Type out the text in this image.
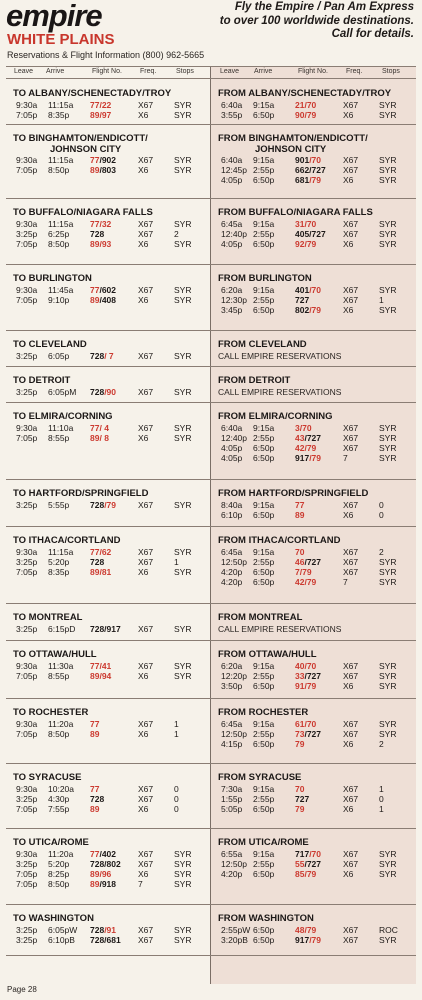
empire
WHITE PLAINS
Reservations & Flight Information (800) 962-5665
Fly the Empire / Pan Am Express
to over 100 worldwide destinations.
Call for details.
Leave Arrive	Flight No.	Freq.	Stops	Leave Arrive	Flight No.	Freq.	Stops
TO ALBANY/SCHENECTADY/TROY
9:30a 11:15a 77/22	X67 SYR
7:05p 8:35p 89/97	X6	SYR
FROM ALBANY/SCHENECTADY/TROY
6:40a 9:15a 21/70	X67 SYR
3:55p 6:50p 90/79	X6	SYR
TO BINGHAMTON/ENDICOTT/
JOHNSON CITY
9:30a 11:15a 77/902	X67 SYR
7:05p 8:50p 89/803	X6	SYR
FROM BINGHAMTON/ENDICOTT/
JOHNSON CITY
6:40a 9:15a 901/70	X67 SYR
12:45p 2:55p 662/727 X67 SYR
4:05p 6:50p 681/79	X6	SYR
TO BUFFALO/NIAGARA FALLS
9:30a 11:15a 77/32	X67 SYR
3:25p 6:25p 728	X67 2
7:05p 8:50p 89/93	X6	SYR
FROM BUFFALO/NIAGARA FALLS
6:45a 9:15a 31/70	X67 SYR
12:40p 2:55p 405/727 X67 SYR
4:05p 6:50p 92/79	X6	SYR
TO BURLINGTON
9:30a 11:45a 77/602	X67 SYR
7:05p 9:10p 89/408	X6	SYR
FROM BURLINGTON
6:20a 9:15a 401/70	X67 SYR
12:30p 2:55p 727	X67 1
3:45p 6:50p 802/79	X6	SYR
TO CLEVELAND
3:25p 6:05p 728/ 7	X67 SYR
FROM CLEVELAND
CALL EMPIRE RESERVATIONS
TO DETROIT
3:25p 6:05pM 728/90	X67 SYR
FROM DETROIT
CALL EMPIRE RESERVATIONS
TO ELMIRA/CORNING
9:30a 11:10a 77/ 4	X67 SYR
7:05p 8:55p 89/ 8	X6	SYR
FROM ELMIRA/CORNING
6:40a 9:15a 3/70	X67 SYR
12:40p 2:55p 43/727	X67 SYR
4:05p 6:50p 42/79	X67 SYR
4:05p 6:50p 917/79	7	SYR
TO HARTFORD/SPRINGFIELD
3:25p 5:55p 728/79	X67 SYR
FROM HARTFORD/SPRINGFIELD
8:40a 9:15a 77	X67 0
6:10p 6:50p 89	X6	0
TO ITHACA/CORTLAND
9:30a 11:15a 77/62	X67 SYR
3:25p 5:20p 728	X67 1
7:05p 8:35p 89/81	X6	SYR
FROM ITHACA/CORTLAND
6:45a 9:15a 70	X67 2
12:50p 2:55p 46/727	X67 SYR
4:20p 6:50p 7/79	X67 SYR
4:20p 6:50p 42/79	7	SYR
TO MONTREAL
3:25p 6:15pD 728/917 X67 SYR
FROM MONTREAL
CALL EMPIRE RESERVATIONS
TO OTTAWA/HULL
9:30a 11:30a 77/41	X67 SYR
7:05p 8:55p 89/94	X6	SYR
FROM OTTAWA/HULL
6:20a 9:15a 40/70	X67 SYR
12:20p 2:55p 33/727	X67 SYR
3:50p 6:50p 91/79	X6	SYR
TO ROCHESTER
9:30a 11:20a 77	X67 1
7:05p 8:50p 89	X6	1
FROM ROCHESTER
6:45a 9:15a 61/70	X67 SYR
12:50p 2:55p 73/727	X67 SYR
4:15p 6:50p 79	X6	2
TO SYRACUSE
9:30a 10:20a 77	X67 0
3:25p 4:30p 728	X67 0
7:05p 7:55p 89	X6	0
FROM SYRACUSE
7:30a 9:15a 70	X67 1
1:55p 2:55p 727	X67 0
5:05p 6:50p 79	X6	1
TO UTICA/ROME
9:30a 11:20a 77/402	X67 SYR
3:25p 5:20p 728/802 X67 SYR
7:05p 8:25p 89/96	X6	SYR
7:05p 8:50p 89/918	7	SYR
FROM UTICA/ROME
6:55a 9:15a 717/70	X67 SYR
12:50p 2:55p 55/727	X67 SYR
4:20p 6:50p 85/79	X6	SYR
TO WASHINGTON
3:25p 6:05pW 728/91	X67 SYR
3:25p 6:10pB 728/681 X67 SYR
FROM WASHINGTON
2:55pW 6:50p 48/79	X67 ROC
3:20pB 6:50p 917/79	X67 SYR
Page 28
